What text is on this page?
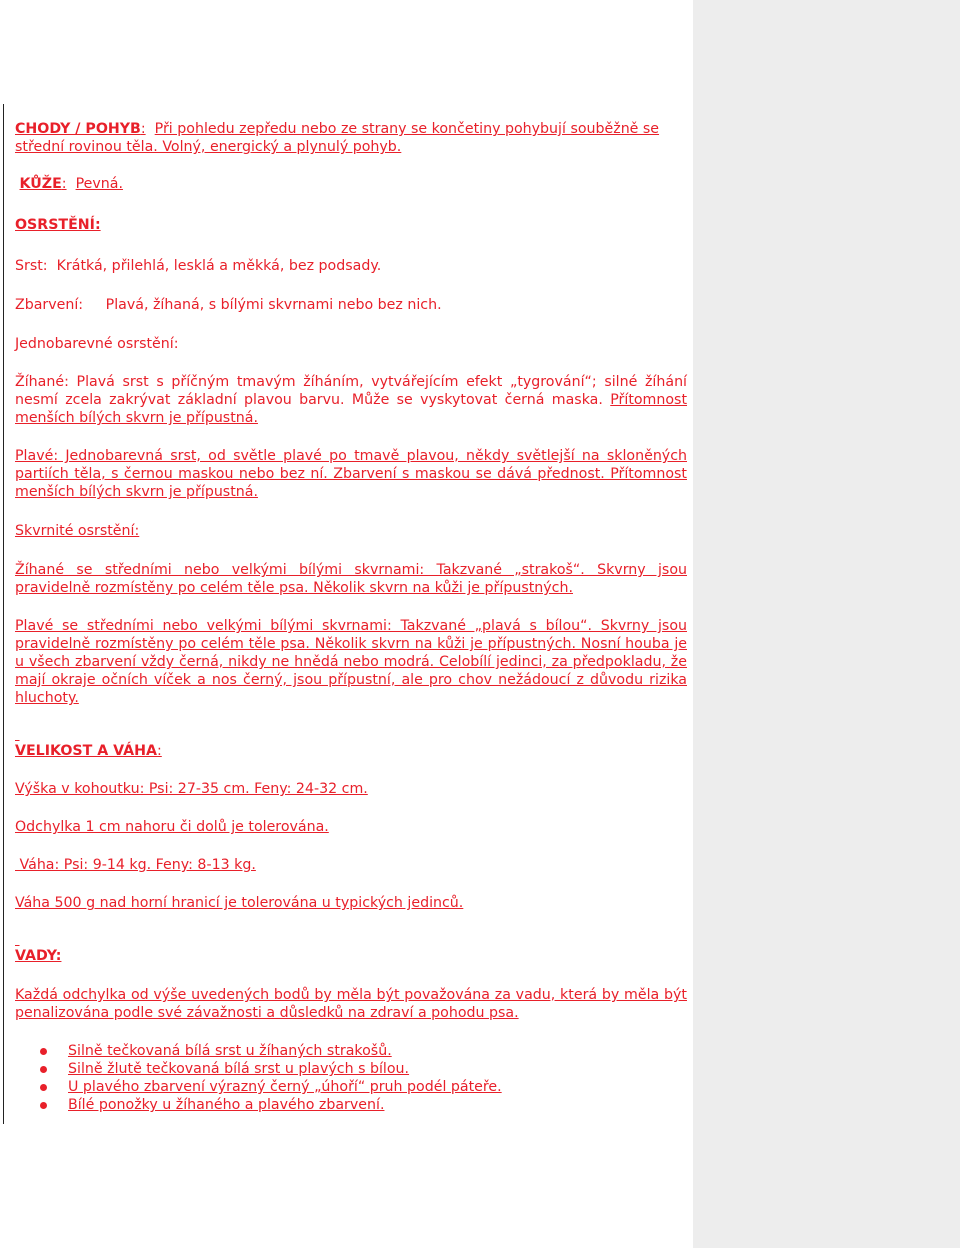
CHODY / POHYB: Při pohledu zepředu nebo ze strany se končetiny pohybují souběžně se střední rovinou těla. Volný, energický a plynulý pohyb.

KŮŽE: Pevná.

OSRSTĚNÍ:

Srst: Krátká, přilehlá, lesklá a měkká, bez podsady.

Zbarvení: Plavá, žíhaná, s bílými skvrnami nebo bez nich.

Jednobarevné osrstění:

Žíhané: Plavá srst s příčným tmavým žíháním, vytvářejícím efekt „tygrování“; silné žíhání nesmí zcela zakrývat základní plavou barvu. Může se vyskytovat černá maska. Přítomnost menších bílých skvrn je přípustná.

Plavé: Jednobarevná srst, od světle plavé po tmavě plavou, někdy světlejší na skloněných partiích těla, s černou maskou nebo bez ní. Zbarvení s maskou se dává přednost. Přítomnost menších bílých skvrn je přípustná.

Skvrnité osrstění:

Žíhané se středními nebo velkými bílými skvrnami: Takzvané „strakoš“. Skvrny jsou pravidelně rozmístěny po celém těle psa. Několik skvrn na kůži je přípustných.

Plavé se středními nebo velkými bílými skvrnami: Takzvané „plavá s bílou“. Skvrny jsou pravidelně rozmístěny po celém těle psa. Několik skvrn na kůži je přípustných. Nosní houba je u všech zbarvení vždy černá, nikdy ne hnědá nebo modrá. Celobílí jedinci, za předpokladu, že mají okraje očních víček a nos černý, jsou přípustní, ale pro chov nežádoucí z důvodu rizika hluchoty.

VELIKOST A VÁHA:

Výška v kohoutku: Psi: 27-35 cm. Feny: 24-32 cm.

Odchylka 1 cm nahoru či dolů je tolerována.

Váha: Psi: 9-14 kg. Feny: 8-13 kg.

Váha 500 g nad horní hranicí je tolerována u typických jedinců.

VADY:

Každá odchylka od výše uvedených bodů by měla být považována za vadu, která by měla být penalizována podle své závažnosti a důsledků na zdraví a pohodu psa.

Silně tečkovaná bílá srst u žíhaných strakošů.
Silně žlutě tečkovaná bílá srst u plavých s bílou.
U plavého zbarvení výrazný černý „úhoří“ pruh podél páteře.
Bílé ponožky u žíhaného a plavého zbarvení.
